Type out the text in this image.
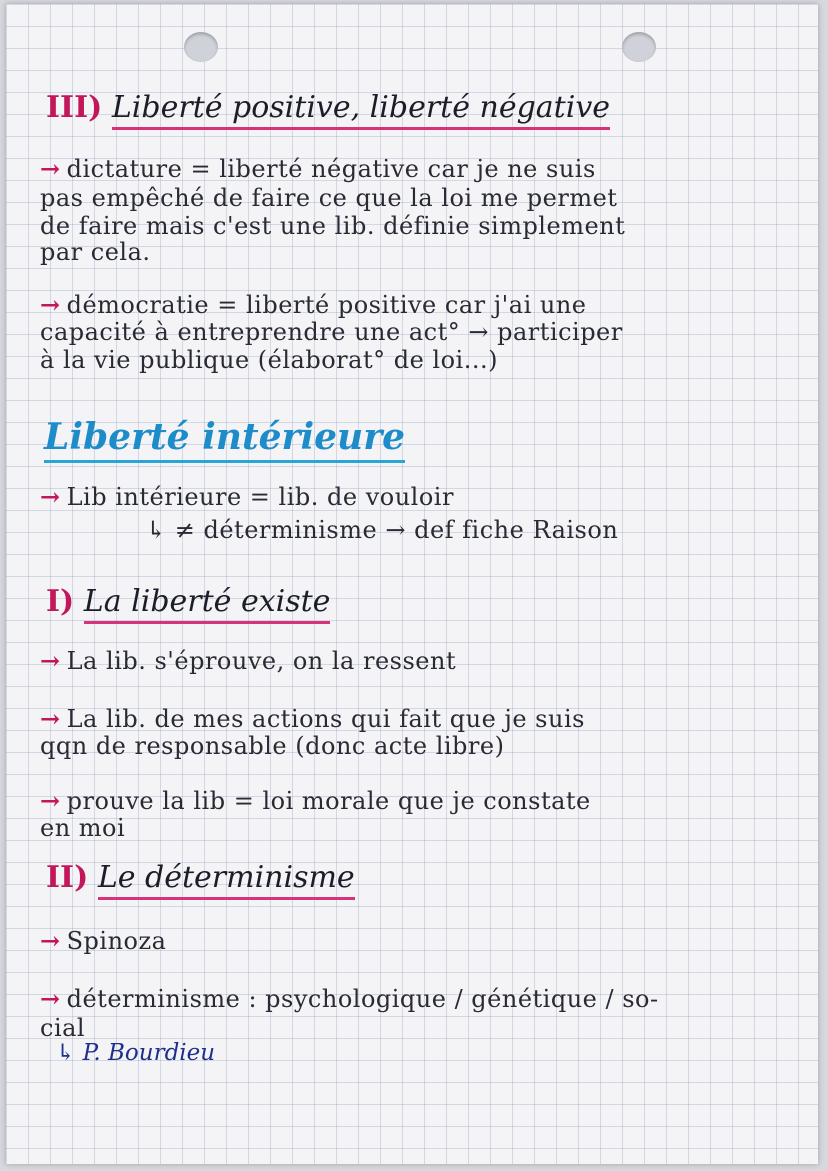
III) Liberté positive, liberté négative

→ dictature = liberté négative car je ne suis

pas empêché de faire ce que la loi me permet

de faire mais c'est une lib. définie simplement

par cela.

→ démocratie = liberté positive car j'ai une

capacité à entreprendre une act° → participer

à la vie publique (élaborat° de loi...)

Liberté intérieure

→ Lib intérieure = lib. de vouloir

↳ ≠ déterminisme → def fiche Raison

I) La liberté existe

→ La lib. s'éprouve, on la ressent

→ La lib. de mes actions qui fait que je suis

qqn de responsable (donc acte libre)

→ prouve la lib = loi morale que je constate

en moi

II) Le déterminisme

→ Spinoza

→ déterminisme : psychologique / génétique / so-

cial

↳ P. Bourdieu
